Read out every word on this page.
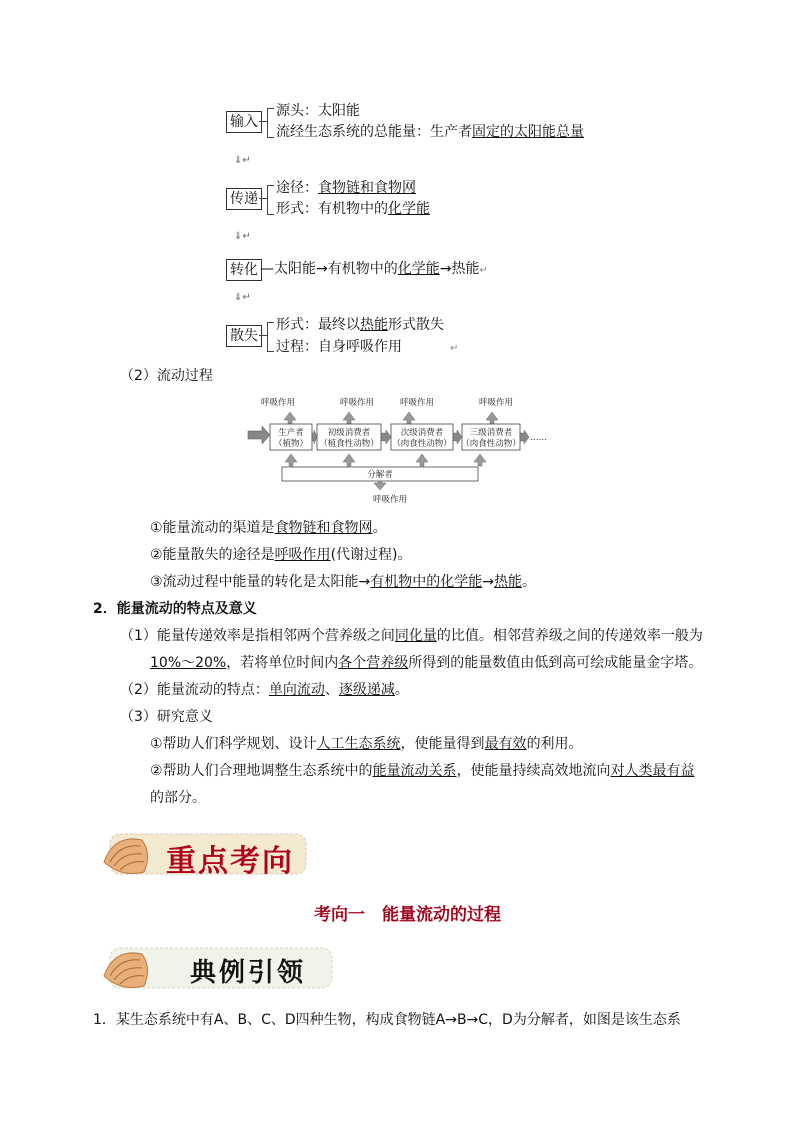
输入
源头：太阳能
流经生态系统的总能量：生产者固定的太阳能总量
⇓↵
传递
途径：食物链和食物网
形式：有机物中的化学能
⇓↵
转化 —太阳能→有机物中的化学能→热能↵
⇓↵
散失
形式：最终以热能形式散失
过程：自身呼吸作用	↵
（2）流动过程
呼吸作用	呼吸作用	呼吸作用	呼吸作用
生产者
（植物）
初级消费者
（植食性动物）
次级消费者
（肉食性动物）
三级消费者
（肉食性动物）
……
分解者
呼吸作用
①能量流动的渠道是食物链和食物网。
②能量散失的途径是呼吸作用(代谢过程)。
③流动过程中能量的转化是太阳能→有机物中的化学能→热能。
2．能量流动的特点及意义
（1）能量传递效率是指相邻两个营养级之间同化量的比值。相邻营养级之间的传递效率一般为
10%～20%，若将单位时间内各个营养级所得到的能量数值由低到高可绘成能量金字塔。
（2）能量流动的特点：单向流动、逐级递减。
（3）研究意义
①帮助人们科学规划、设计人工生态系统，使能量得到最有效的利用。
②帮助人们合理地调整生态系统中的能量流动关系，使能量持续高效地流向对人类最有益
的部分。
重点考向
考向一　能量流动的过程
典例引领
1．某生态系统中有A、B、C、D四种生物，构成食物链A→B→C，D为分解者，如图是该生态系
